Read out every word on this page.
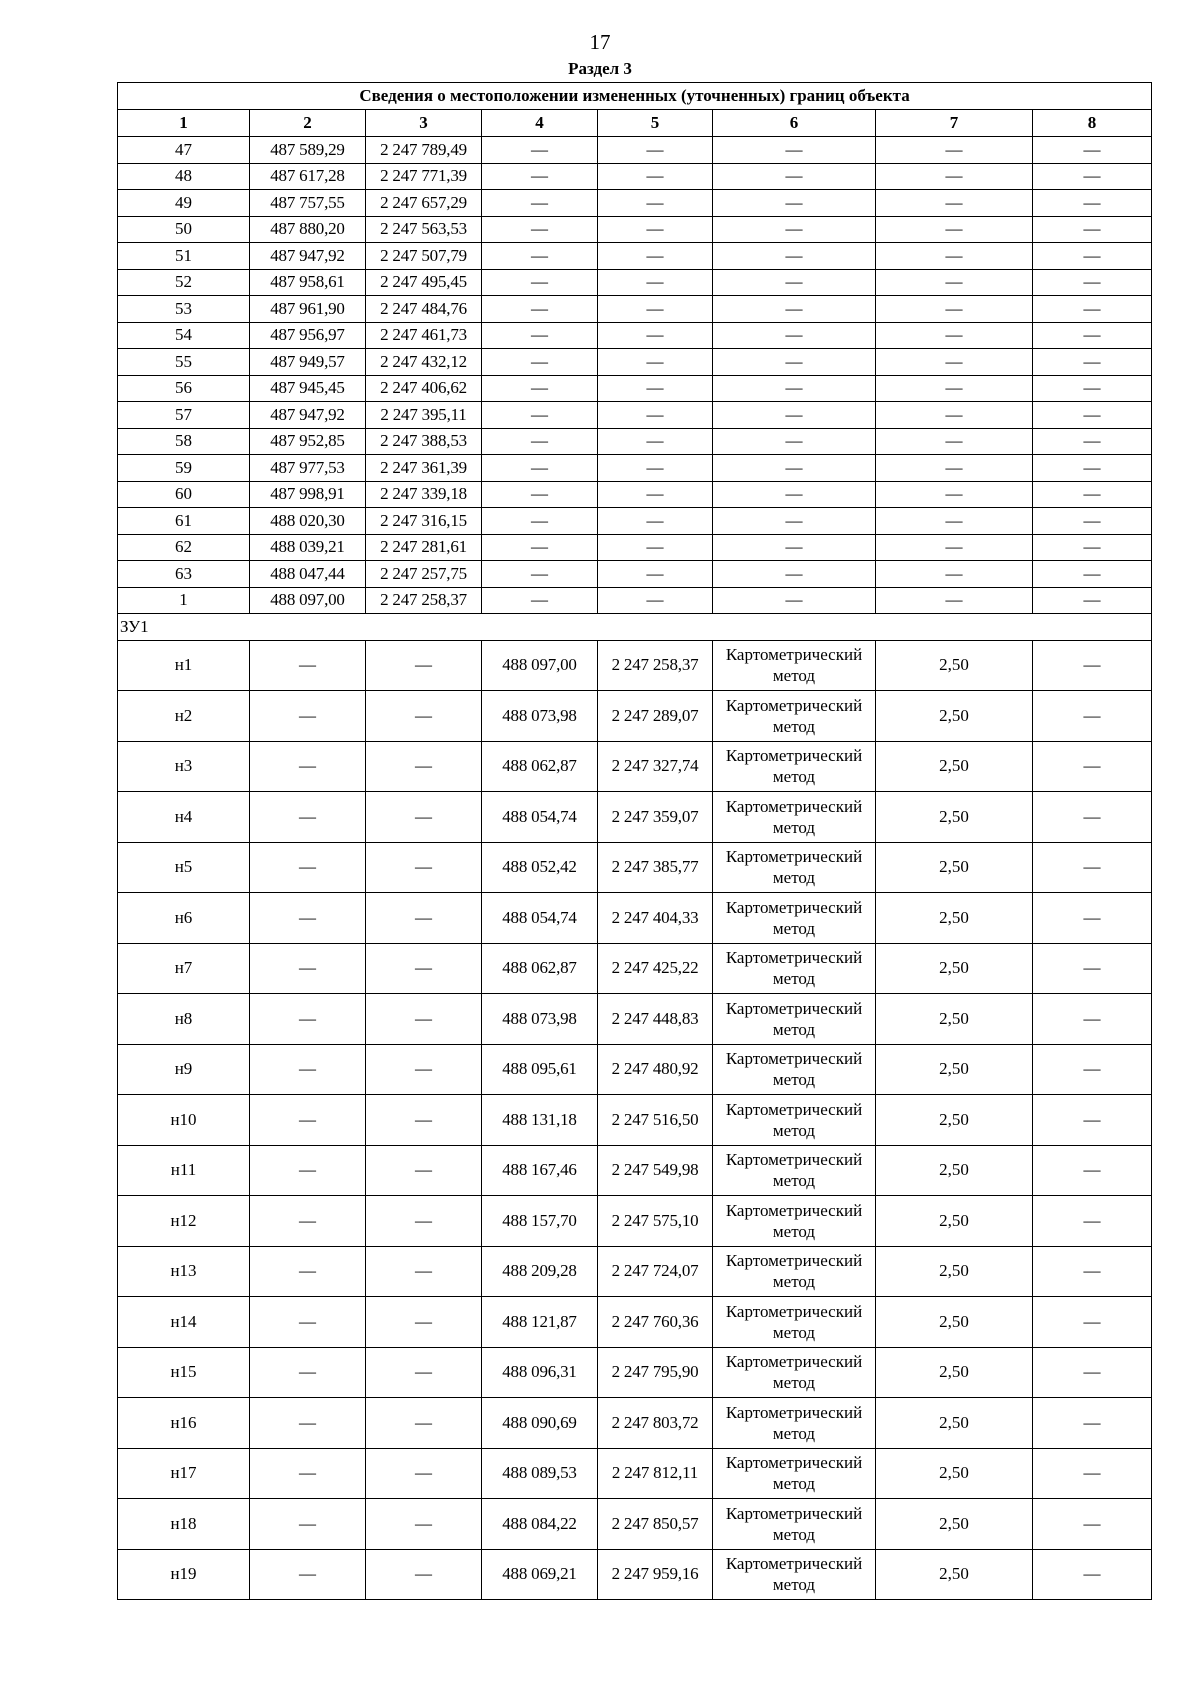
17
Раздел 3
Сведения о местоположении измененных (уточненных) границ объекта							
1	2	3	4	5	6	7	8
47	487 589,29	2 247 789,49	—	—	—	—	—
48	487 617,28	2 247 771,39	—	—	—	—	—
49	487 757,55	2 247 657,29	—	—	—	—	—
50	487 880,20	2 247 563,53	—	—	—	—	—
51	487 947,92	2 247 507,79	—	—	—	—	—
52	487 958,61	2 247 495,45	—	—	—	—	—
53	487 961,90	2 247 484,76	—	—	—	—	—
54	487 956,97	2 247 461,73	—	—	—	—	—
55	487 949,57	2 247 432,12	—	—	—	—	—
56	487 945,45	2 247 406,62	—	—	—	—	—
57	487 947,92	2 247 395,11	—	—	—	—	—
58	487 952,85	2 247 388,53	—	—	—	—	—
59	487 977,53	2 247 361,39	—	—	—	—	—
60	487 998,91	2 247 339,18	—	—	—	—	—
61	488 020,30	2 247 316,15	—	—	—	—	—
62	488 039,21	2 247 281,61	—	—	—	—	—
63	488 047,44	2 247 257,75	—	—	—	—	—
1	488 097,00	2 247 258,37	—	—	—	—	—
ЗУ1							
н1	—	—	488 097,00	2 247 258,37	Картометрический метод	2,50	—
н2	—	—	488 073,98	2 247 289,07	Картометрический метод	2,50	—
н3	—	—	488 062,87	2 247 327,74	Картометрический метод	2,50	—
н4	—	—	488 054,74	2 247 359,07	Картометрический метод	2,50	—
н5	—	—	488 052,42	2 247 385,77	Картометрический метод	2,50	—
н6	—	—	488 054,74	2 247 404,33	Картометрический метод	2,50	—
н7	—	—	488 062,87	2 247 425,22	Картометрический метод	2,50	—
н8	—	—	488 073,98	2 247 448,83	Картометрический метод	2,50	—
н9	—	—	488 095,61	2 247 480,92	Картометрический метод	2,50	—
н10	—	—	488 131,18	2 247 516,50	Картометрический метод	2,50	—
н11	—	—	488 167,46	2 247 549,98	Картометрический метод	2,50	—
н12	—	—	488 157,70	2 247 575,10	Картометрический метод	2,50	—
н13	—	—	488 209,28	2 247 724,07	Картометрический метод	2,50	—
н14	—	—	488 121,87	2 247 760,36	Картометрический метод	2,50	—
н15	—	—	488 096,31	2 247 795,90	Картометрический метод	2,50	—
н16	—	—	488 090,69	2 247 803,72	Картометрический метод	2,50	—
н17	—	—	488 089,53	2 247 812,11	Картометрический метод	2,50	—
н18	—	—	488 084,22	2 247 850,57	Картометрический метод	2,50	—
н19	—	—	488 069,21	2 247 959,16	Картометрический метод	2,50	—
